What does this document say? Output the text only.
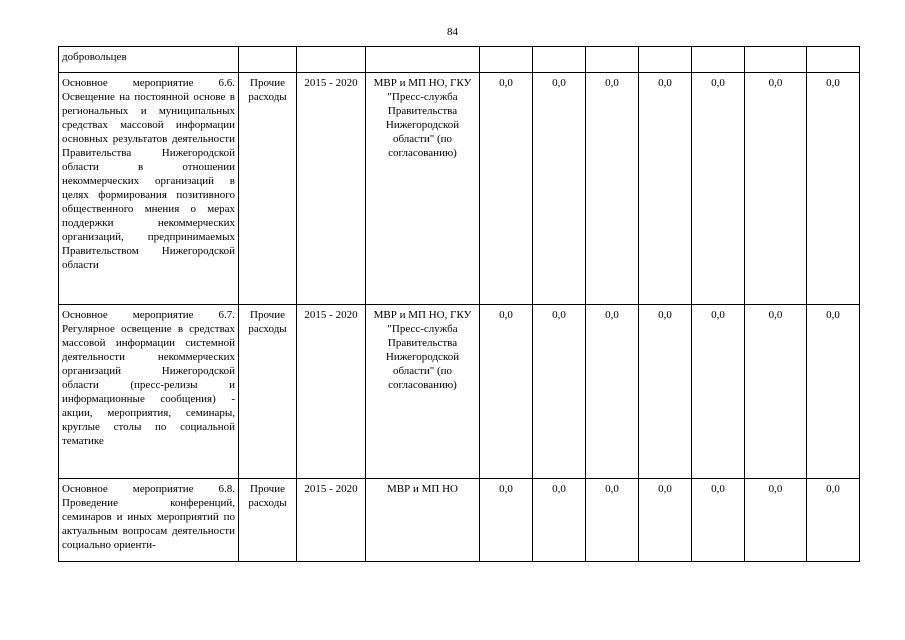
84
добровольцев										
Основное мероприятие 6.6. Освещение на постоянной основе в региональных и муниципальных средствах массовой информации основных результатов деятельности Правительства Нижегородской области в отношении некоммерческих организаций в целях формирования позитивного общественного мнения о мерах поддержки некоммерческих организаций, предпринимаемых Правительством Нижегородской области	Прочие расходы	2015 - 2020	МВР и МП НО, ГКУ "Пресс-служба Правительства Нижегородской области" (по согласованию)	0,0	0,0	0,0	0,0	0,0	0,0	0,0
Основное мероприятие 6.7. Регулярное освещение в средствах массовой информации системной деятельности некоммерческих организаций Нижегородской области (пресс-релизы и информационные сообщения) - акции, мероприятия, семинары, круглые столы по социальной тематике	Прочие расходы	2015 - 2020	МВР и МП НО, ГКУ "Пресс-служба Правительства Нижегородской области" (по согласованию)	0,0	0,0	0,0	0,0	0,0	0,0	0,0
Основное мероприятие 6.8. Проведение конференций, семинаров и иных мероприятий по актуальным вопросам деятельности социально ориенти-	Прочие расходы	2015 - 2020	МВР и МП НО	0,0	0,0	0,0	0,0	0,0	0,0	0,0
